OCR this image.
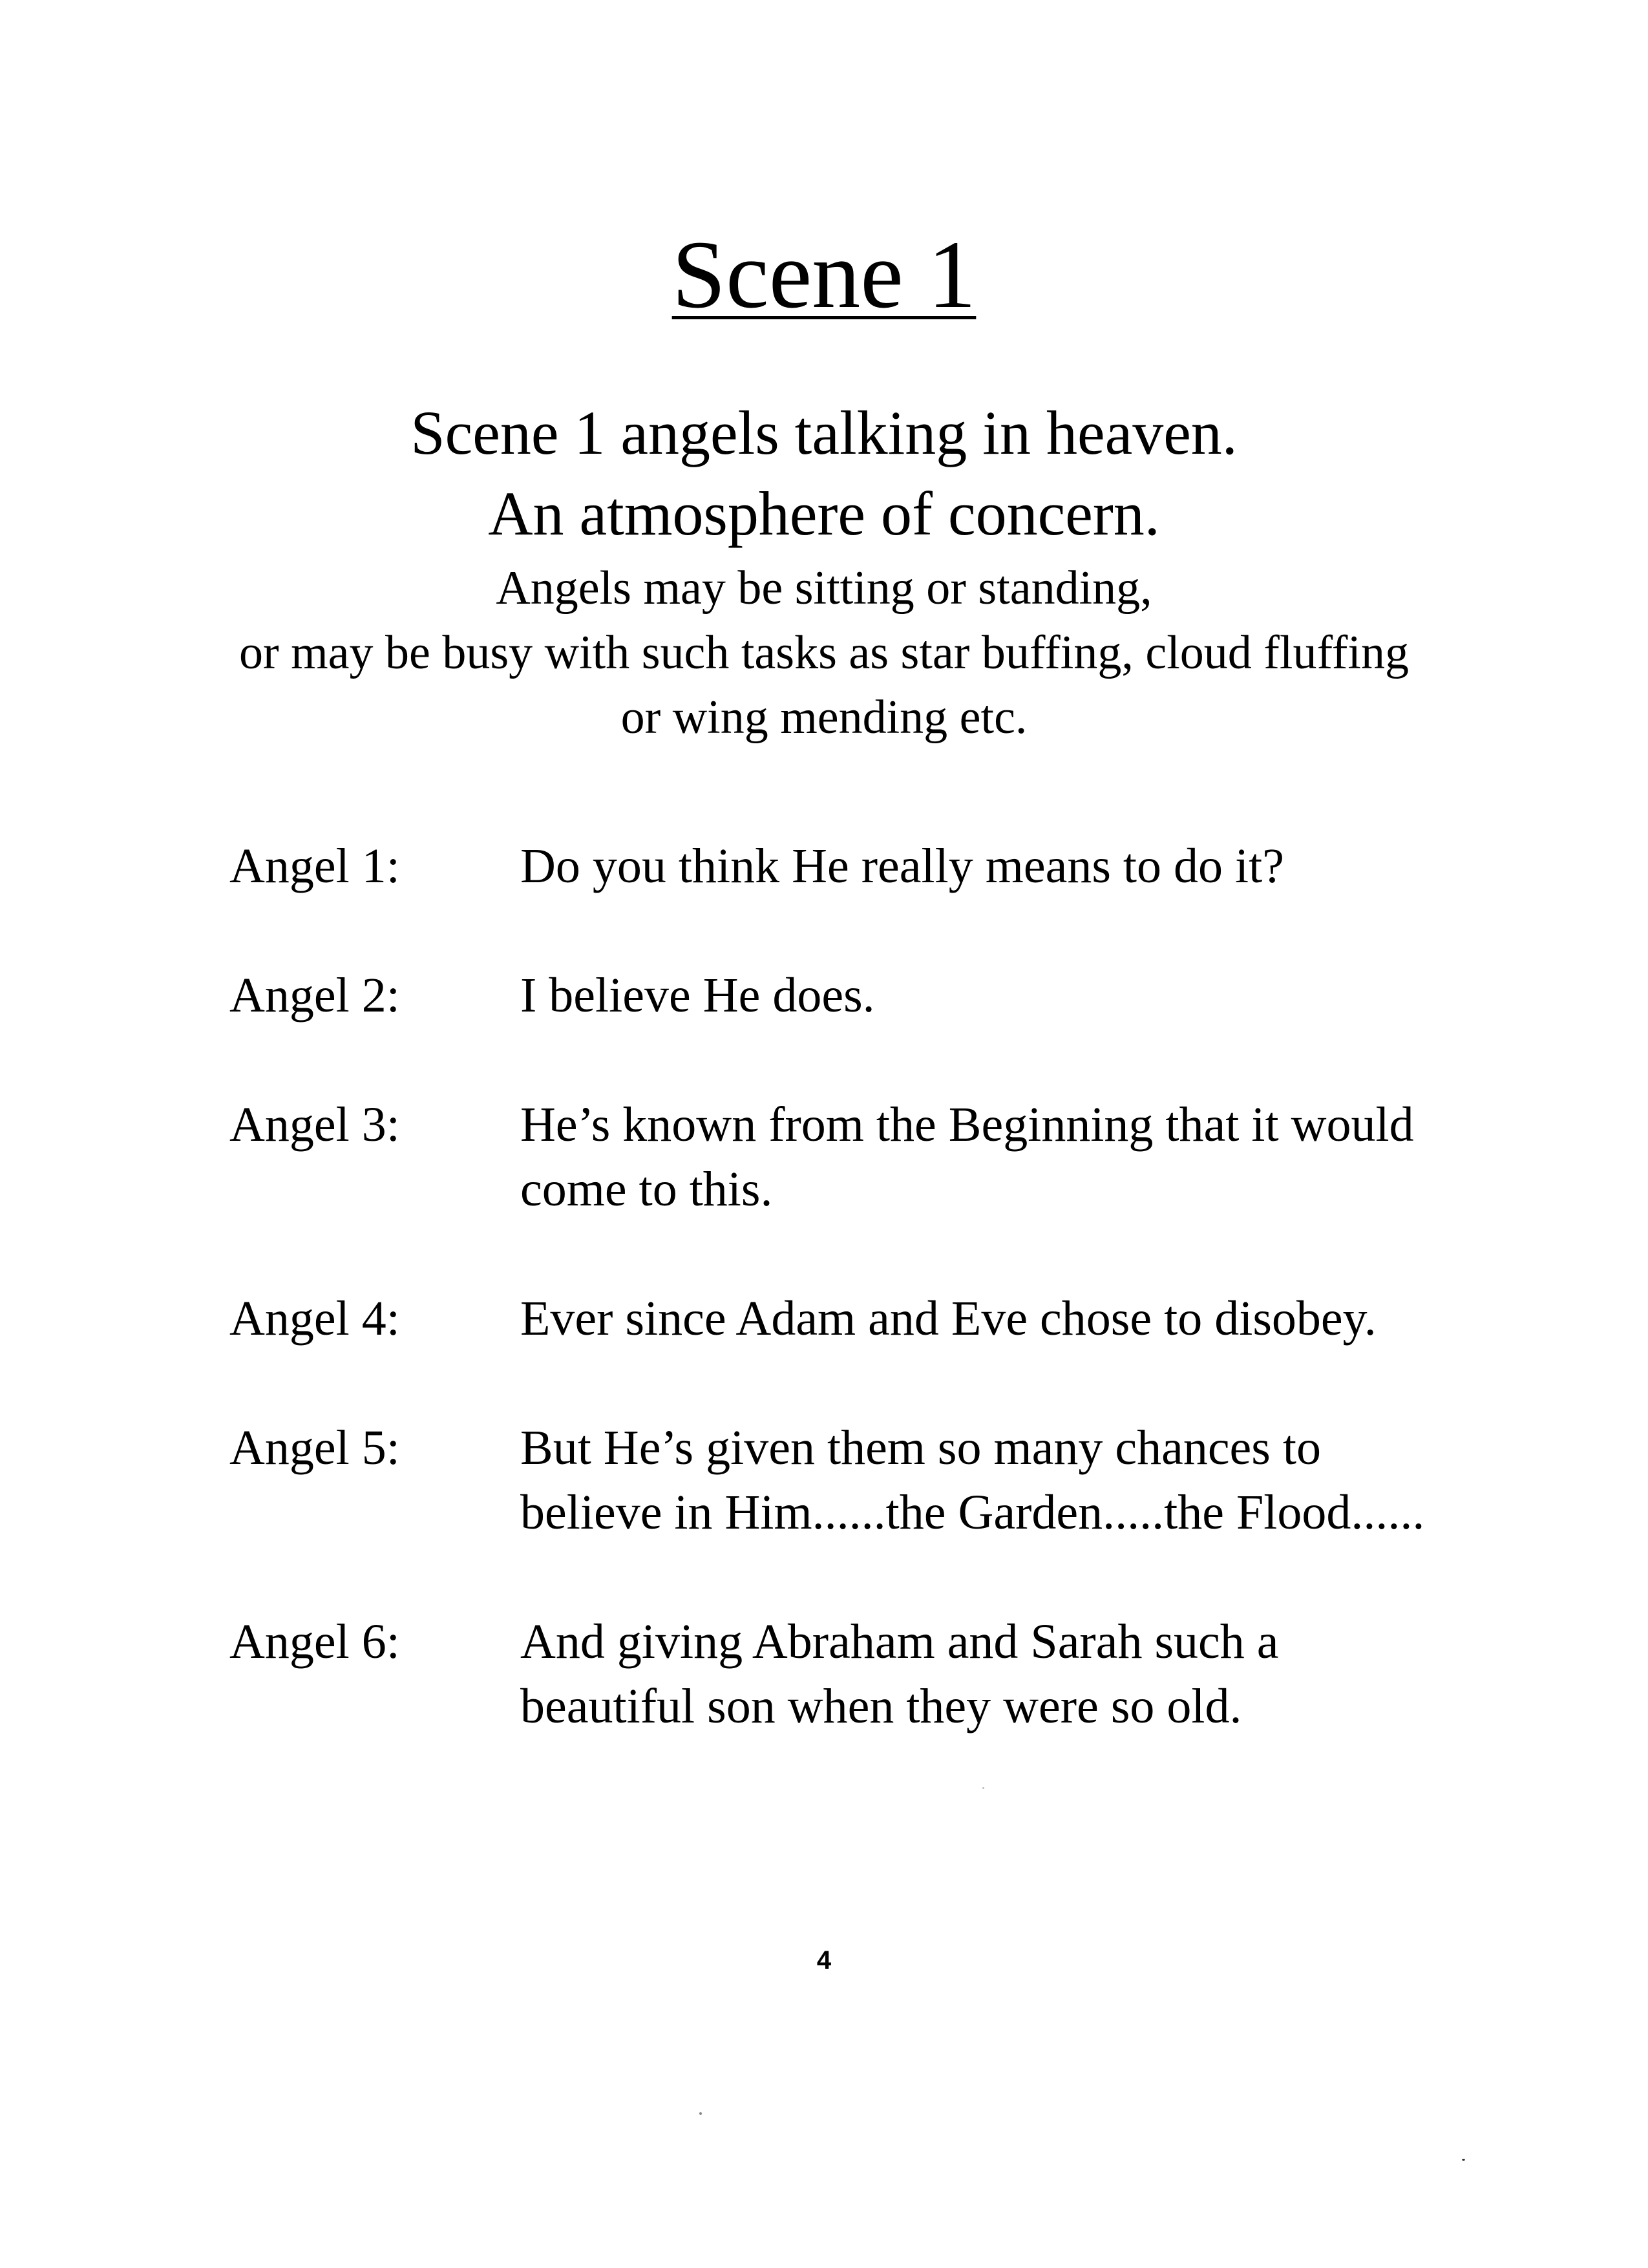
Scene 1
Scene 1 angels talking in heaven.
An atmosphere of concern.
Angels may be sitting or standing,
or may be busy with such tasks as star buffing, cloud fluffing
or wing mending etc.
Angel 1: Do you think He really means to do it?
Angel 2: I believe He does.
Angel 3: He’s known from the Beginning that it would come to this.
Angel 4: Ever since Adam and Eve chose to disobey.
Angel 5: But He’s given them so many chances to believe in Him......the Garden.....the Flood......
Angel 6: And giving Abraham and Sarah such a beautiful son when they were so old.
4
